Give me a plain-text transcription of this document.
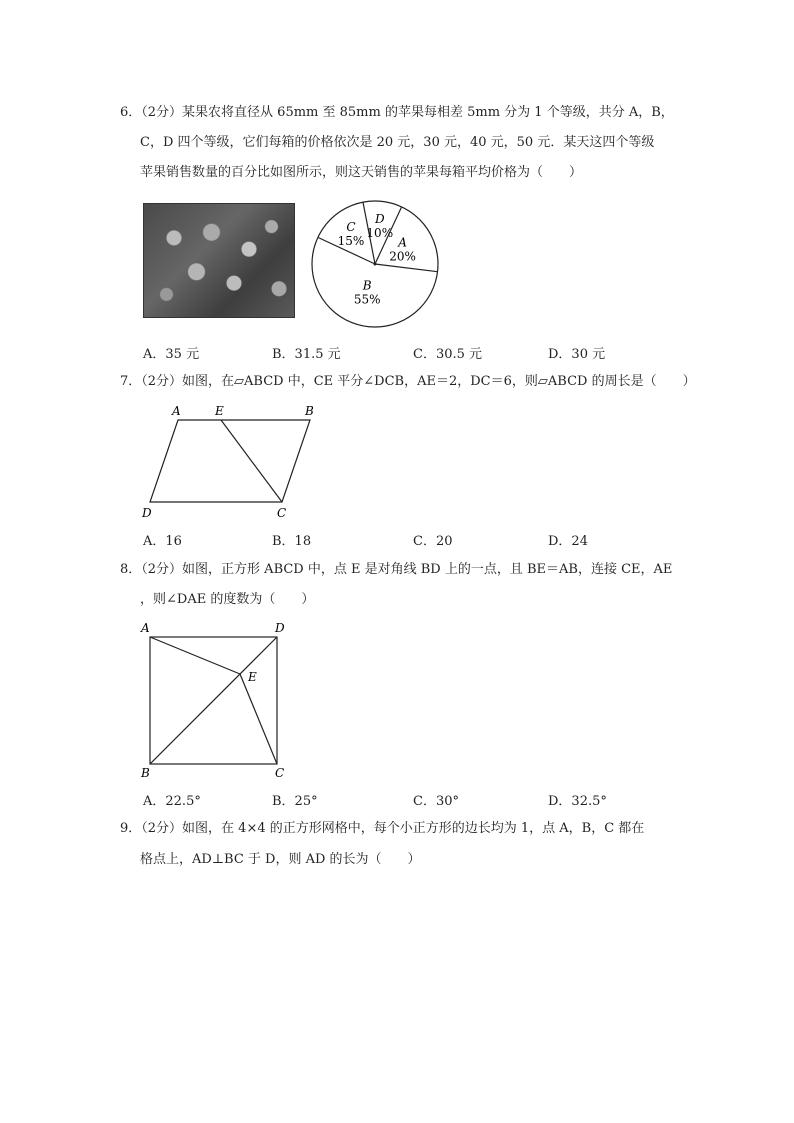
6．（2分）某果农将直径从 65mm 至 85mm 的苹果每相差 5mm 分为 1 个等级，共分 A，B，
C，D 四个等级，它们每箱的价格依次是 20 元，30 元，40 元，50 元．某天这四个等级
苹果销售数量的百分比如图所示，则这天销售的苹果每箱平均价格为（　　）
A
20%
B
55%
C
15%
D
10%
A．35 元	B．31.5 元	C．30.5 元	D．30 元
7．（2分）如图，在▱ABCD 中，CE 平分∠DCB，AE＝2，DC＝6，则▱ABCD 的周长是（　　）
A	E	B
D	C
A．16	B．18	C．20	D．24
8．（2分）如图，正方形 ABCD 中，点 E 是对角线 BD 上的一点，且 BE＝AB，连接 CE，AE
，则∠DAE 的度数为（　　）
A	D
E
B	C
A．22.5°	B．25°	C．30°	D．32.5°
9．（2分）如图，在 4×4 的正方形网格中，每个小正方形的边长均为 1，点 A，B，C 都在
格点上，AD⊥BC 于 D，则 AD 的长为（　　）
